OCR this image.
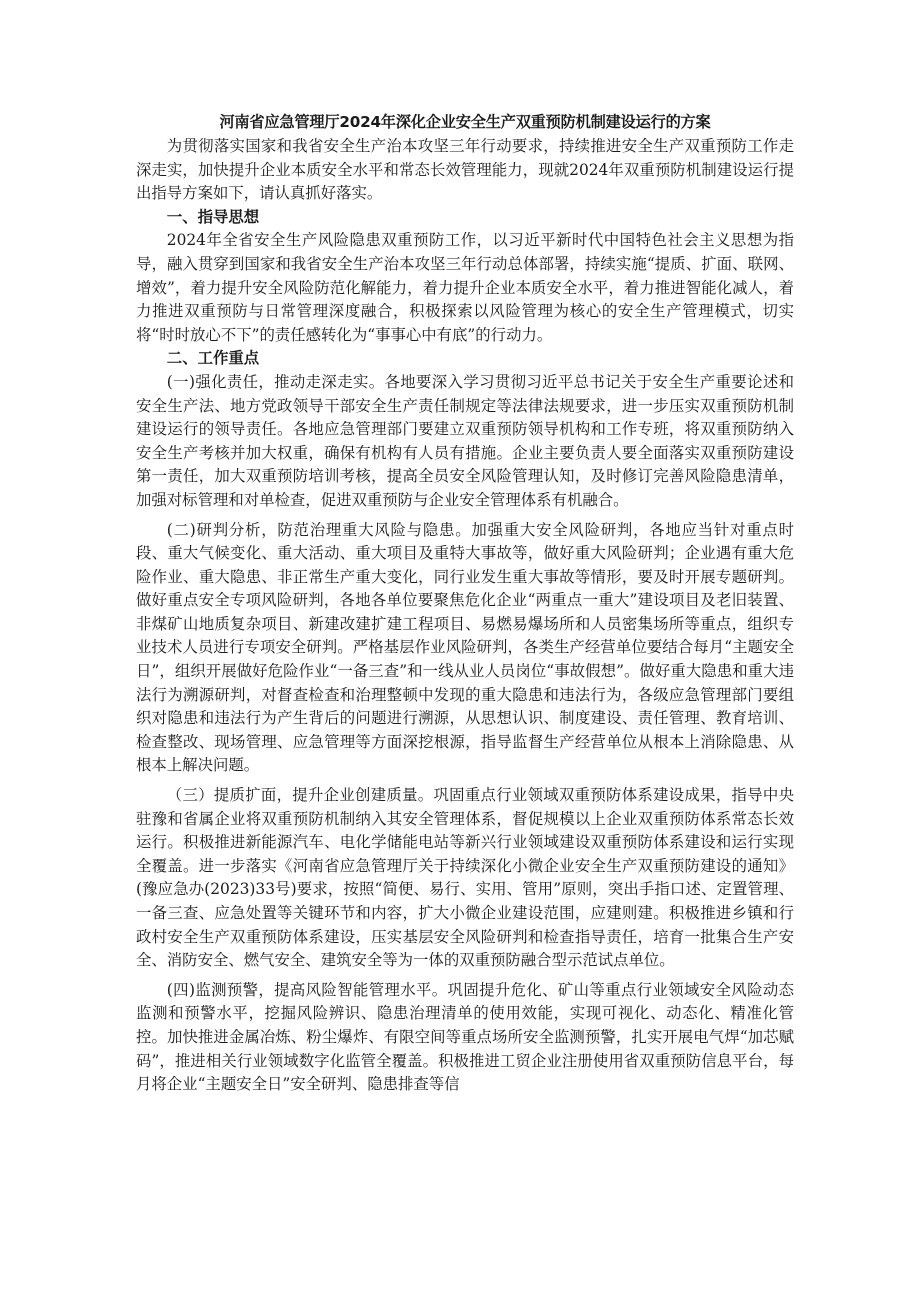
河南省应急管理厅2024年深化企业安全生产双重预防机制建设运行的方案

为贯彻落实国家和我省安全生产治本攻坚三年行动要求，持续推进安全生产双重预防工作走深走实，加快提升企业本质安全水平和常态长效管理能力，现就2024年双重预防机制建设运行提出指导方案如下，请认真抓好落实。

一、指导思想

2024年全省安全生产风险隐患双重预防工作，以习近平新时代中国特色社会主义思想为指导，融入贯穿到国家和我省安全生产治本攻坚三年行动总体部署，持续实施“提质、扩面、联网、增效”，着力提升安全风险防范化解能力，着力提升企业本质安全水平，着力推进智能化减人，着力推进双重预防与日常管理深度融合，积极探索以风险管理为核心的安全生产管理模式，切实将“时时放心不下”的责任感转化为“事事心中有底”的行动力。

二、工作重点

(一)强化责任，推动走深走实。各地要深入学习贯彻习近平总书记关于安全生产重要论述和安全生产法、地方党政领导干部安全生产责任制规定等法律法规要求，进一步压实双重预防机制建设运行的领导责任。各地应急管理部门要建立双重预防领导机构和工作专班，将双重预防纳入安全生产考核并加大权重，确保有机构有人员有措施。企业主要负责人要全面落实双重预防建设第一责任，加大双重预防培训考核，提高全员安全风险管理认知，及时修订完善风险隐患清单，加强对标管理和对单检查，促进双重预防与企业安全管理体系有机融合。

(二)研判分析，防范治理重大风险与隐患。加强重大安全风险研判，各地应当针对重点时段、重大气候变化、重大活动、重大项目及重特大事故等，做好重大风险研判；企业遇有重大危险作业、重大隐患、非正常生产重大变化，同行业发生重大事故等情形，要及时开展专题研判。做好重点安全专项风险研判，各地各单位要聚焦危化企业“两重点一重大”建设项目及老旧装置、非煤矿山地质复杂项目、新建改建扩建工程项目、易燃易爆场所和人员密集场所等重点，组织专业技术人员进行专项安全研判。严格基层作业风险研判，各类生产经营单位要结合每月“主题安全日”，组织开展做好危险作业“一备三查”和一线从业人员岗位“事故假想”。做好重大隐患和重大违法行为溯源研判，对督查检查和治理整顿中发现的重大隐患和违法行为，各级应急管理部门要组织对隐患和违法行为产生背后的问题进行溯源，从思想认识、制度建设、责任管理、教育培训、检查整改、现场管理、应急管理等方面深挖根源，指导监督生产经营单位从根本上消除隐患、从根本上解决问题。

（三）提质扩面，提升企业创建质量。巩固重点行业领域双重预防体系建设成果，指导中央驻豫和省属企业将双重预防机制纳入其安全管理体系，督促规模以上企业双重预防体系常态长效运行。积极推进新能源汽车、电化学储能电站等新兴行业领域建设双重预防体系建设和运行实现全覆盖。进一步落实《河南省应急管理厅关于持续深化小微企业安全生产双重预防建设的通知》(豫应急办(2023)33号)要求，按照“简便、易行、实用、管用”原则，突出手指口述、定置管理、一备三查、应急处置等关键环节和内容，扩大小微企业建设范围，应建则建。积极推进乡镇和行政村安全生产双重预防体系建设，压实基层安全风险研判和检查指导责任，培育一批集合生产安全、消防安全、燃气安全、建筑安全等为一体的双重预防融合型示范试点单位。

(四)监测预警，提高风险智能管理水平。巩固提升危化、矿山等重点行业领域安全风险动态监测和预警水平，挖掘风险辨识、隐患治理清单的使用效能，实现可视化、动态化、精准化管控。加快推进金属冶炼、粉尘爆炸、有限空间等重点场所安全监测预警，扎实开展电气焊“加芯赋码”，推进相关行业领域数字化监管全覆盖。积极推进工贸企业注册使用省双重预防信息平台，每月将企业“主题安全日”安全研判、隐患排查等信
